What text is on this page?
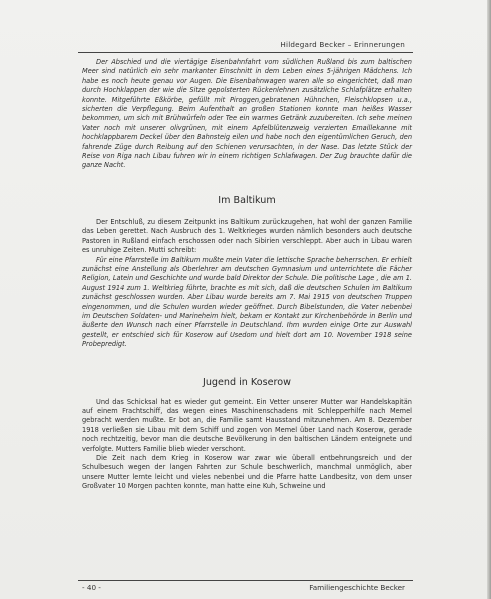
Hildegard Becker – Erinnerungen

Der Abschied und die viertägige Eisenbahnfahrt vom südlichen Rußland bis zum baltischen Meer sind natürlich ein sehr markanter Einschnitt in dem Leben eines 5-jährigen Mädchens. Ich habe es noch heute genau vor Augen. Die Eisenbahnwagen waren alle so eingerichtet, daß man durch Hochklappen der wie die Sitze gepolsterten Rückenlehnen zusätzliche Schlafplätze erhalten konnte. Mitgeführte Eßkörbe, gefüllt mit Piroggen,gebratenen Hühnchen, Fleischklopsen u.a., sicherten die Verpflegung. Beim Aufenthalt an großen Stationen konnte man heißes Wasser bekommen, um sich mit Brühwürfeln oder Tee ein warmes Getränk zuzubereiten. Ich sehe meinen Vater noch mit unserer olivgrünen, mit einem Apfelblütenzweig verzierten Emaillekanne mit hochklappbarem Deckel über den Bahnsteig eilen und habe noch den eigentümlichen Geruch, den fahrende Züge durch Reibung auf den Schienen verursachten, in der Nase. Das letzte Stück der Reise von Riga nach Libau fuhren wir in einem richtigen Schlafwagen. Der Zug brauchte dafür die ganze Nacht.

Im Baltikum

Der Entschluß, zu diesem Zeitpunkt ins Baltikum zurückzugehen, hat wohl der ganzen Familie das Leben gerettet. Nach Ausbruch des 1. Weltkrieges wurden nämlich besonders auch deutsche Pastoren in Rußland einfach erschossen oder nach Sibirien verschleppt. Aber auch in Libau waren es unruhige Zeiten. Mutti schreibt:

Für eine Pfarrstelle im Baltikum mußte mein Vater die lettische Sprache beherrschen. Er erhielt zunächst eine Anstellung als Oberlehrer am deutschen Gymnasium und unterrichtete die Fächer Religion, Latein und Geschichte und wurde bald Direktor der Schule. Die politische Lage , die am 1. August 1914 zum 1. Weltkrieg führte, brachte es mit sich, daß die deutschen Schulen im Baltikum zunächst geschlossen wurden. Aber Libau wurde bereits am 7. Mai 1915 von deutschen Truppen eingenommen, und die Schulen wurden wieder geöffnet. Durch Bibelstunden, die Vater nebenbei im Deutschen Soldaten- und Marineheim hielt, bekam er Kontakt zur Kirchenbehörde in Berlin und äußerte den Wunsch nach einer Pfarrstelle in Deutschland. Ihm wurden einige Orte zur Auswahl gestellt, er entschied sich für Koserow auf Usedom und hielt dort am 10. November 1918 seine Probepredigt.

Jugend in Koserow

Und das Schicksal hat es wieder gut gemeint. Ein Vetter unserer Mutter war Handelskapitän auf einem Frachtschiff, das wegen eines Maschinenschadens mit Schlepperhilfe nach Memel gebracht werden mußte. Er bot an, die Familie samt Hausstand mitzunehmen. Am 8. Dezember 1918 verließen sie Libau mit dem Schiff und zogen von Memel über Land nach Koserow, gerade noch rechtzeitig, bevor man die deutsche Bevölkerung in den baltischen Ländern enteignete und verfolgte. Mutters Familie blieb wieder verschont.

Die Zeit nach dem Krieg in Koserow war zwar wie überall entbehrungsreich und der Schulbesuch wegen der langen Fahrten zur Schule beschwerlich, manchmal unmöglich, aber unsere Mutter lernte leicht und vieles nebenbei und die Pfarre hatte Landbesitz, von dem unser Großvater 10 Morgen pachten konnte, man hatte eine Kuh, Schweine und

- 40 -	Familiengeschichte Becker
